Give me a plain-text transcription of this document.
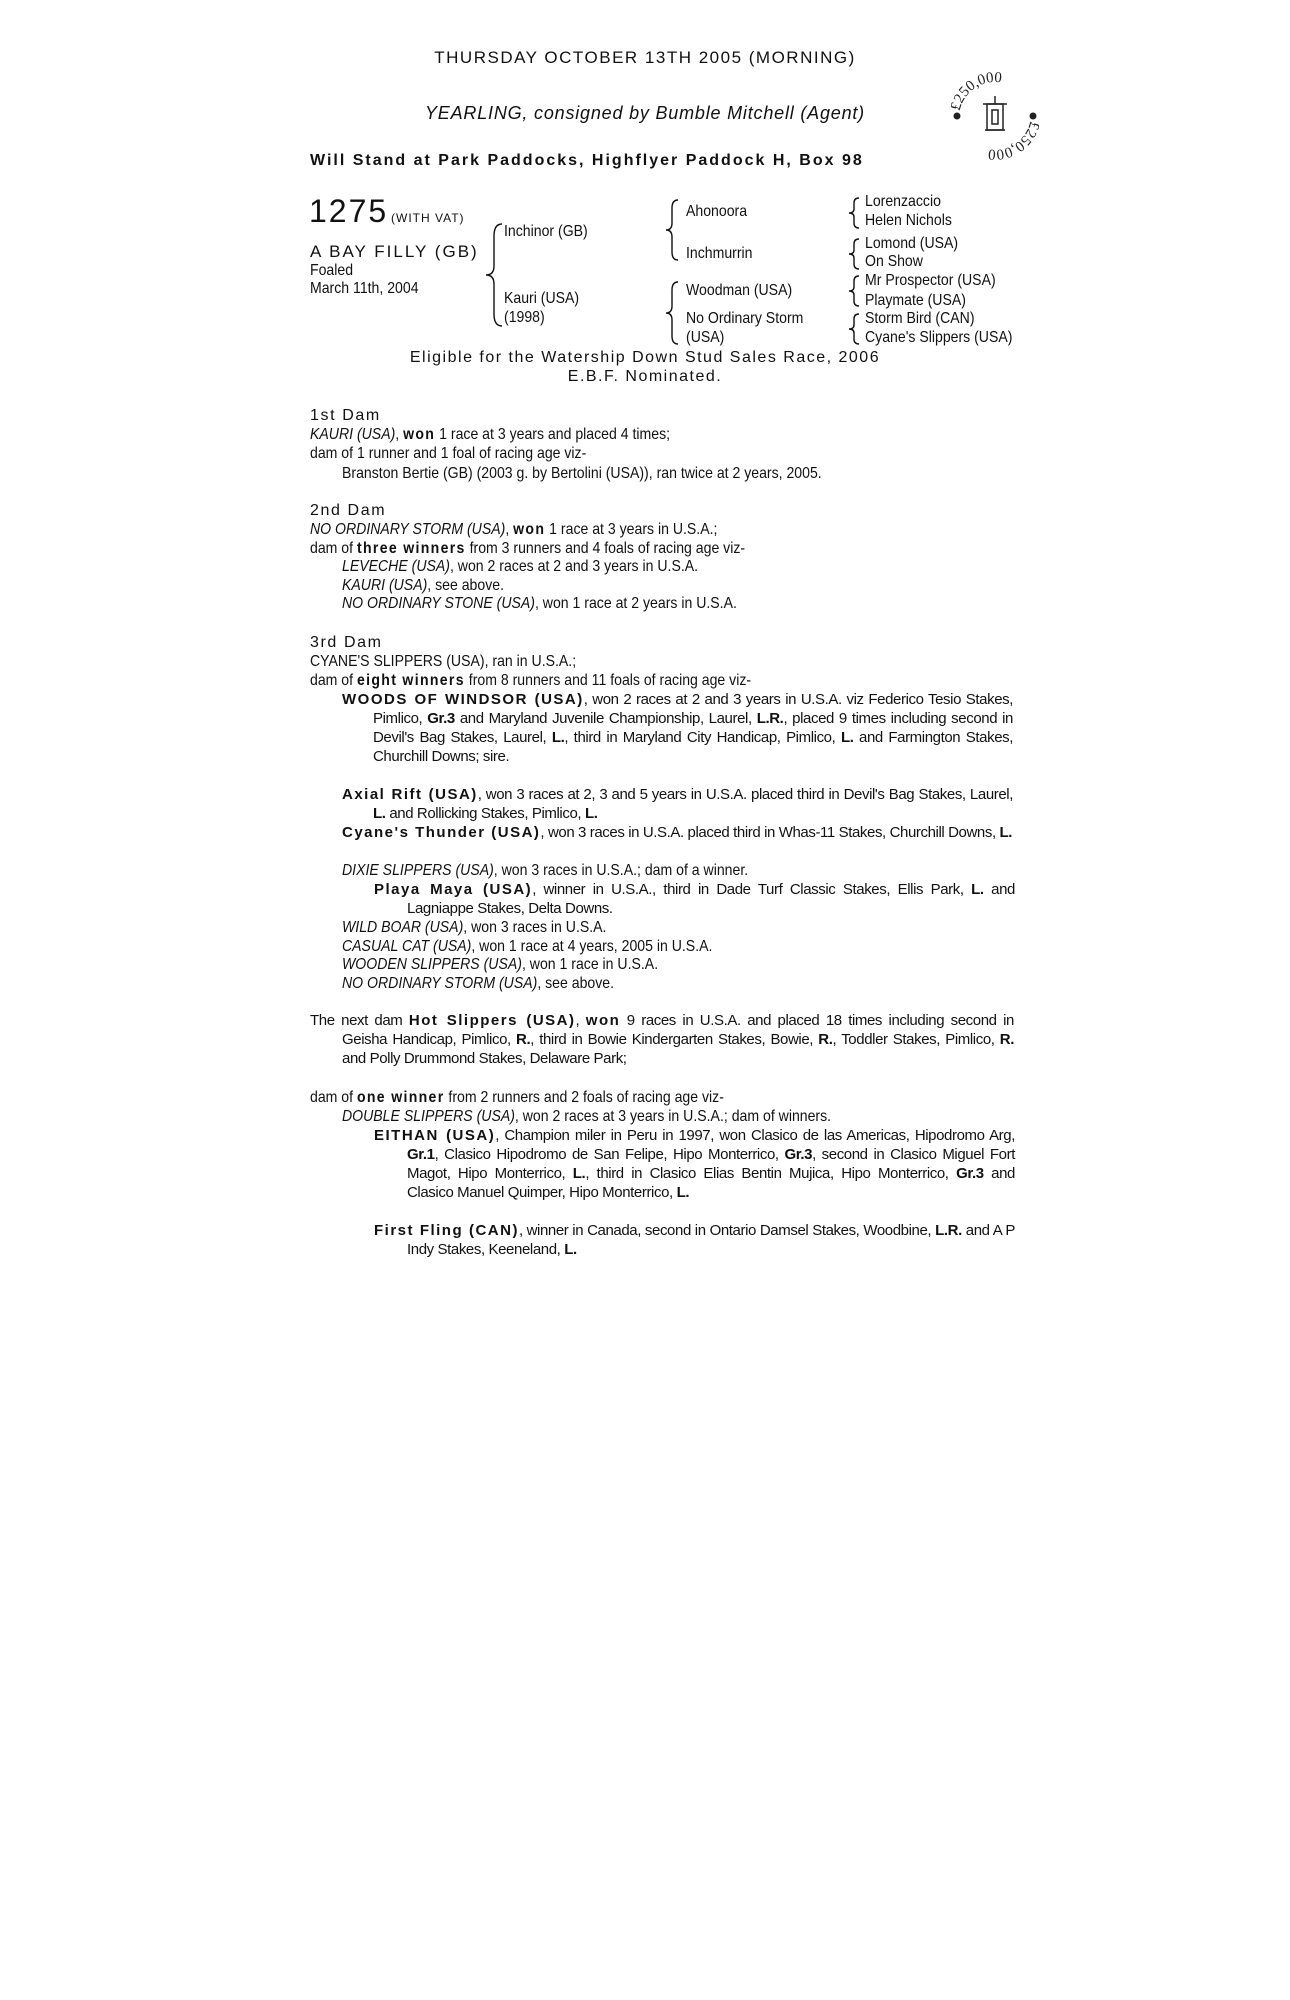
THURSDAY OCTOBER 13TH 2005 (MORNING)
YEARLING, consigned by Bumble Mitchell (Agent)
Will Stand at Park Paddocks, Highflyer Paddock H, Box 98
£250,000
£250,000
1275 (WITH VAT)
A BAY FILLY (GB)
Foaled
March 11th, 2004
Inchinor (GB)
Kauri (USA)
(1998)
Ahonoora
Inchmurrin
Woodman (USA)
No Ordinary Storm
(USA)
Lorenzaccio
Helen Nichols
Lomond (USA)
On Show
Mr Prospector (USA)
Playmate (USA)
Storm Bird (CAN)
Cyane's Slippers (USA)
Eligible for the Watership Down Stud Sales Race, 2006
E.B.F. Nominated.
1st Dam
KAURI (USA), won 1 race at 3 years and placed 4 times;
dam of 1 runner and 1 foal of racing age viz-
Branston Bertie (GB) (2003 g. by Bertolini (USA)), ran twice at 2 years, 2005.
2nd Dam
NO ORDINARY STORM (USA), won 1 race at 3 years in U.S.A.;
dam of three winners from 3 runners and 4 foals of racing age viz-
LEVECHE (USA), won 2 races at 2 and 3 years in U.S.A.
KAURI (USA), see above.
NO ORDINARY STONE (USA), won 1 race at 2 years in U.S.A.
3rd Dam
CYANE'S SLIPPERS (USA), ran in U.S.A.;
dam of eight winners from 8 runners and 11 foals of racing age viz-
WOODS OF WINDSOR (USA), won 2 races at 2 and 3 years in U.S.A. viz Federico Tesio Stakes, Pimlico, Gr.3 and Maryland Juvenile Championship, Laurel, L.R., placed 9 times including second in Devil's Bag Stakes, Laurel, L., third in Maryland City Handicap, Pimlico, L. and Farmington Stakes, Churchill Downs; sire.
Axial Rift (USA), won 3 races at 2, 3 and 5 years in U.S.A. placed third in Devil's Bag Stakes, Laurel, L. and Rollicking Stakes, Pimlico, L.
Cyane's Thunder (USA), won 3 races in U.S.A. placed third in Whas-11 Stakes, Churchill Downs, L.
DIXIE SLIPPERS (USA), won 3 races in U.S.A.; dam of a winner.
Playa Maya (USA), winner in U.S.A., third in Dade Turf Classic Stakes, Ellis Park, L. and Lagniappe Stakes, Delta Downs.
WILD BOAR (USA), won 3 races in U.S.A.
CASUAL CAT (USA), won 1 race at 4 years, 2005 in U.S.A.
WOODEN SLIPPERS (USA), won 1 race in U.S.A.
NO ORDINARY STORM (USA), see above.
The next dam Hot Slippers (USA), won 9 races in U.S.A. and placed 18 times including second in Geisha Handicap, Pimlico, R., third in Bowie Kindergarten Stakes, Bowie, R., Toddler Stakes, Pimlico, R. and Polly Drummond Stakes, Delaware Park;
dam of one winner from 2 runners and 2 foals of racing age viz-
DOUBLE SLIPPERS (USA), won 2 races at 3 years in U.S.A.; dam of winners.
EITHAN (USA), Champion miler in Peru in 1997, won Clasico de las Americas, Hipodromo Arg, Gr.1, Clasico Hipodromo de San Felipe, Hipo Monterrico, Gr.3, second in Clasico Miguel Fort Magot, Hipo Monterrico, L., third in Clasico Elias Bentin Mujica, Hipo Monterrico, Gr.3 and Clasico Manuel Quimper, Hipo Monterrico, L.
First Fling (CAN), winner in Canada, second in Ontario Damsel Stakes, Woodbine, L.R. and A P Indy Stakes, Keeneland, L.
